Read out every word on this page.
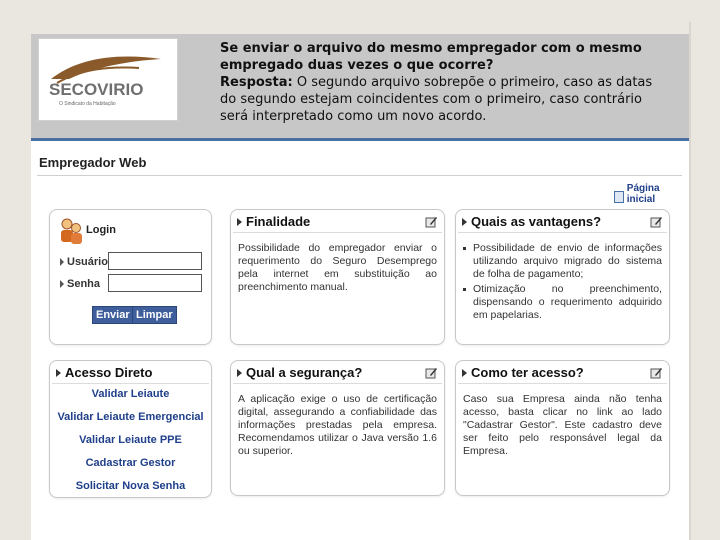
SECOVIRIO
O Sindicato da Habitação
Se enviar o arquivo do mesmo empregador com o mesmo empregado duas vezes o que ocorre?
Resposta: O segundo arquivo sobrepõe o primeiro, caso as datas do segundo estejam coincidentes com o primeiro, caso contrário será interpretado como um novo acordo.
Empregador Web
Página inicial
Login
Usuário
Senha
Enviar Limpar
Finalidade
Possibilidade do empregador enviar o requerimento do Seguro Desemprego pela internet em substituição ao preenchimento manual.
Quais as vantagens?
Possibilidade de envio de informações utilizando arquivo migrado do sistema de folha de pagamento;
Otimização no preenchimento, dispensando o requerimento adquirido em papelarias.
Acesso Direto
Validar Leiaute
Validar Leiaute Emergencial
Validar Leiaute PPE
Cadastrar Gestor
Solicitar Nova Senha
Qual a segurança?
A aplicação exige o uso de certificação digital, assegurando a confiabilidade das informações prestadas pela empresa. Recomendamos utilizar o Java versão 1.6 ou superior.
Como ter acesso?
Caso sua Empresa ainda não tenha acesso, basta clicar no link ao lado "Cadastrar Gestor". Este cadastro deve ser feito pelo responsável legal da Empresa.
